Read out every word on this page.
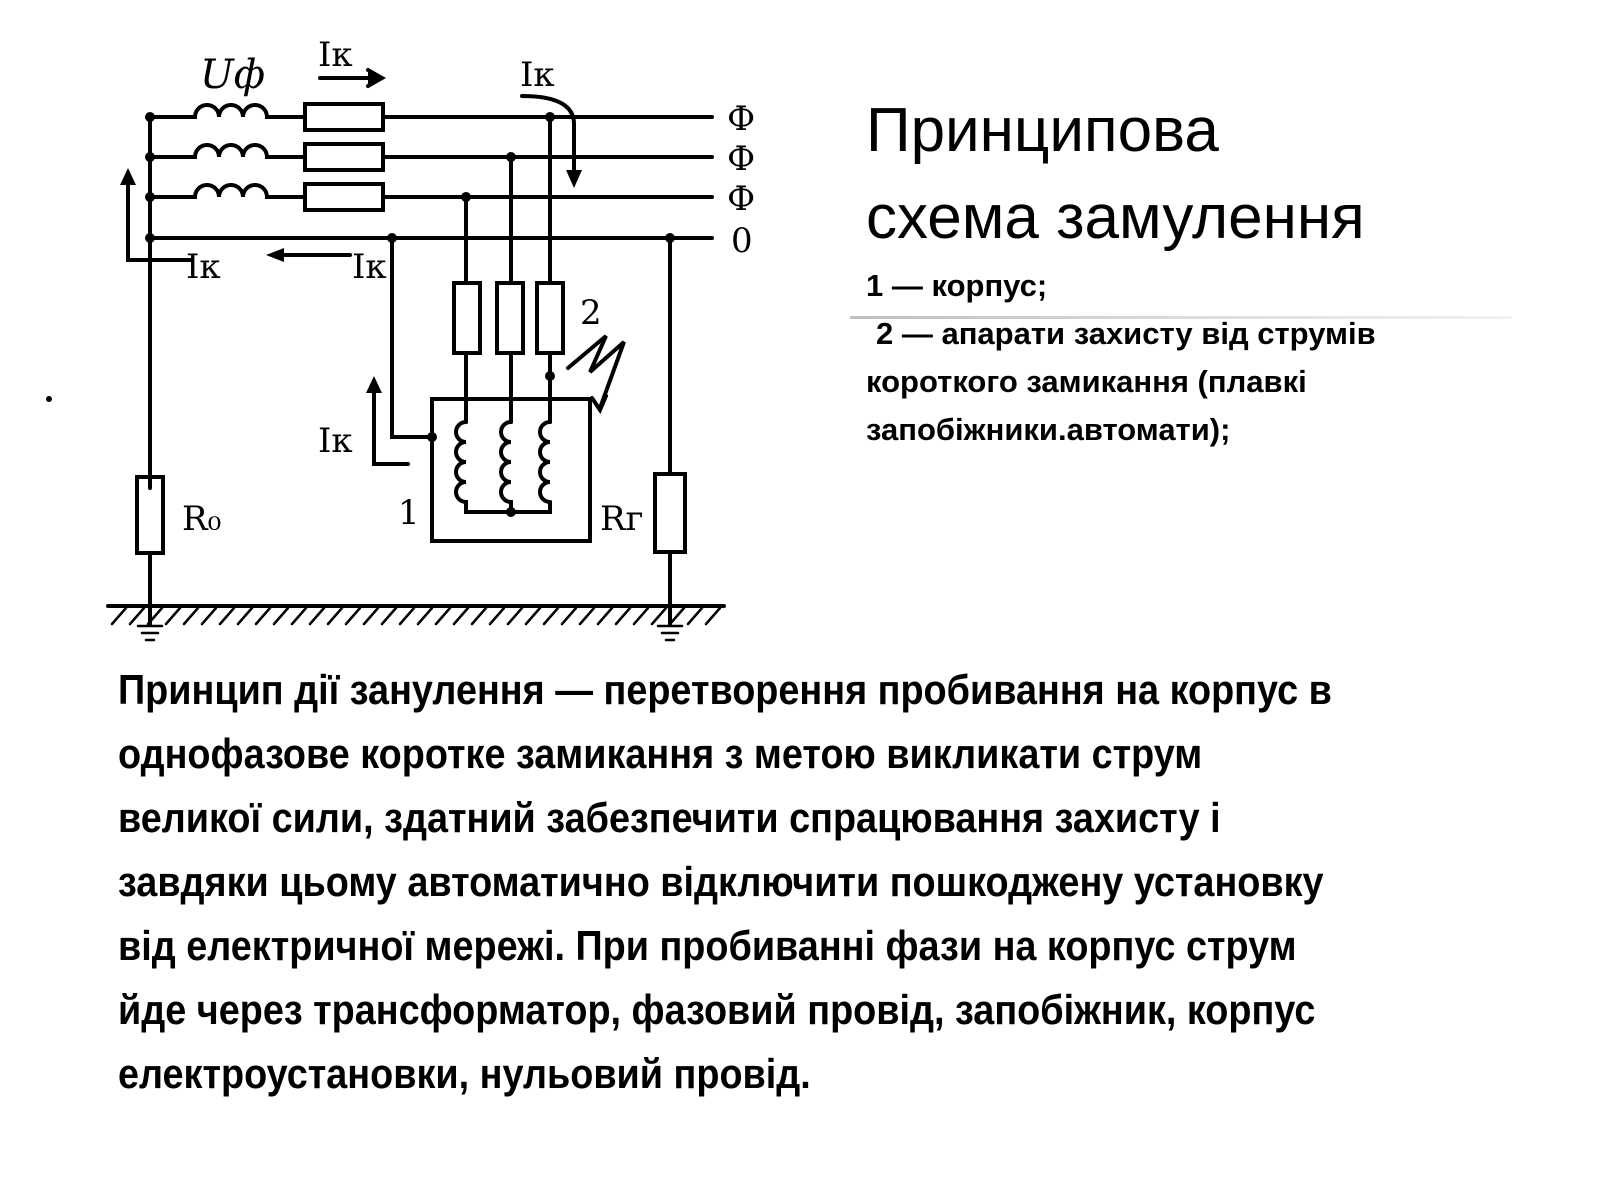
Uф Iк	Iк
Iк	Iк
Iк
Ф
Ф
Ф
0
R₀	Rг
1
2
Принципова
схема замулення
1 — корпус;
2 — апарати захисту від струмів
короткого замикання (плавкі
запобіжники.автомати);
Принцип дії занулення — перетворення пробивання на корпус в
однофазове коротке замикання з метою викликати струм
великої сили, здатний забезпечити спрацювання захисту і
завдяки цьому автоматично відключити пошкоджену установку
від електричної мережі. При пробиванні фази на корпус струм
йде через трансформатор, фазовий провід, запобіжник, корпус
електроустановки, нульовий провід.
